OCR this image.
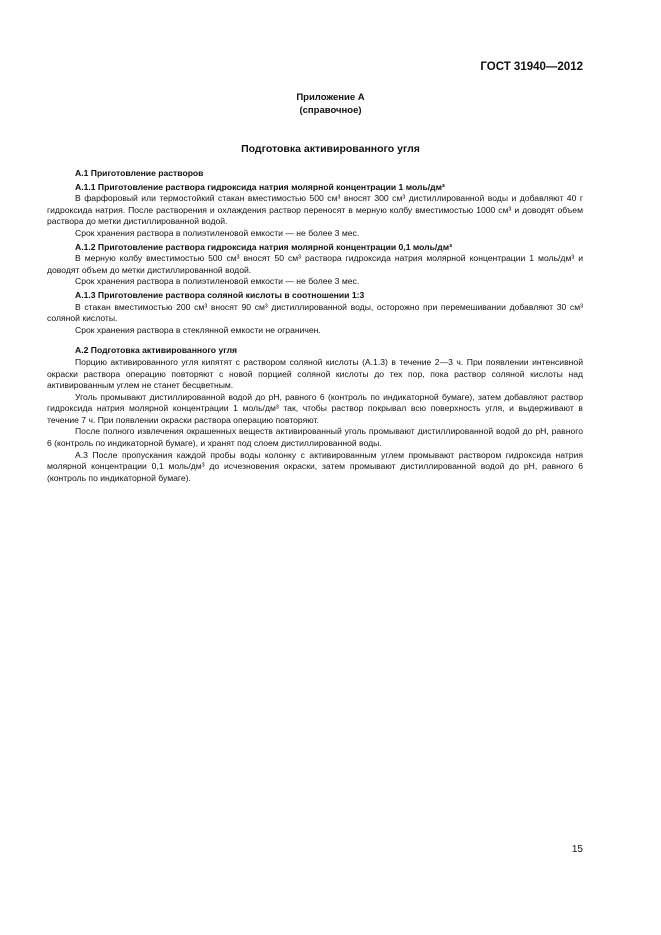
ГОСТ 31940—2012
Приложение А
(справочное)
Подготовка активированного угля
А.1 Приготовление растворов
А.1.1 Приготовление раствора гидроксида натрия молярной концентрации 1 моль/дм³

В фарфоровый или термостойкий стакан вместимостью 500 см³ вносят 300 см³ дистиллированной воды и добавляют 40 г гидроксида натрия. После растворения и охлаждения раствор переносят в мерную колбу вместимостью 1000 см³ и доводят объем раствора до метки дистиллированной водой.

Срок хранения раствора в полиэтиленовой емкости — не более 3 мес.

А.1.2 Приготовление раствора гидроксида натрия молярной концентрации 0,1 моль/дм³

В мерную колбу вместимостью 500 см³ вносят 50 см³ раствора гидроксида натрия молярной концентрации 1 моль/дм³ и доводят объем до метки дистиллированной водой.

Срок хранения раствора в полиэтиленовой емкости — не более 3 мес.

А.1.3 Приготовление раствора соляной кислоты в соотношении 1:3

В стакан вместимостью 200 см³ вносят 90 см³ дистиллированной воды, осторожно при перемешивании добавляют 30 см³ соляной кислоты.

Срок хранения раствора в стеклянной емкости не ограничен.

А.2 Подготовка активированного угля

Порцию активированного угля кипятят с раствором соляной кислоты (А.1.3) в течение 2—3 ч. При появлении интенсивной окраски раствора операцию повторяют с новой порцией соляной кислоты до тех пор, пока раствор соляной кислоты над активированным углем не станет бесцветным.

Уголь промывают дистиллированной водой до рН, равного 6 (контроль по индикаторной бумаге), затем добавляют раствор гидроксида натрия молярной концентрации 1 моль/дм³ так, чтобы раствор покрывал всю поверхность угля, и выдерживают в течение 7 ч. При появлении окраски раствора операцию повторяют.

После полного извлечения окрашенных веществ активированный уголь промывают дистиллированной водой до рН, равного 6 (контроль по индикаторной бумаге), и хранят под слоем дистиллированной воды.

А.3 После пропускания каждой пробы воды колонку с активированным углем промывают раствором гидроксида натрия молярной концентрации 0,1 моль/дм³ до исчезновения окраски, затем промывают дистиллированной водой до рН, равного 6 (контроль по индикаторной бумаге).

15
